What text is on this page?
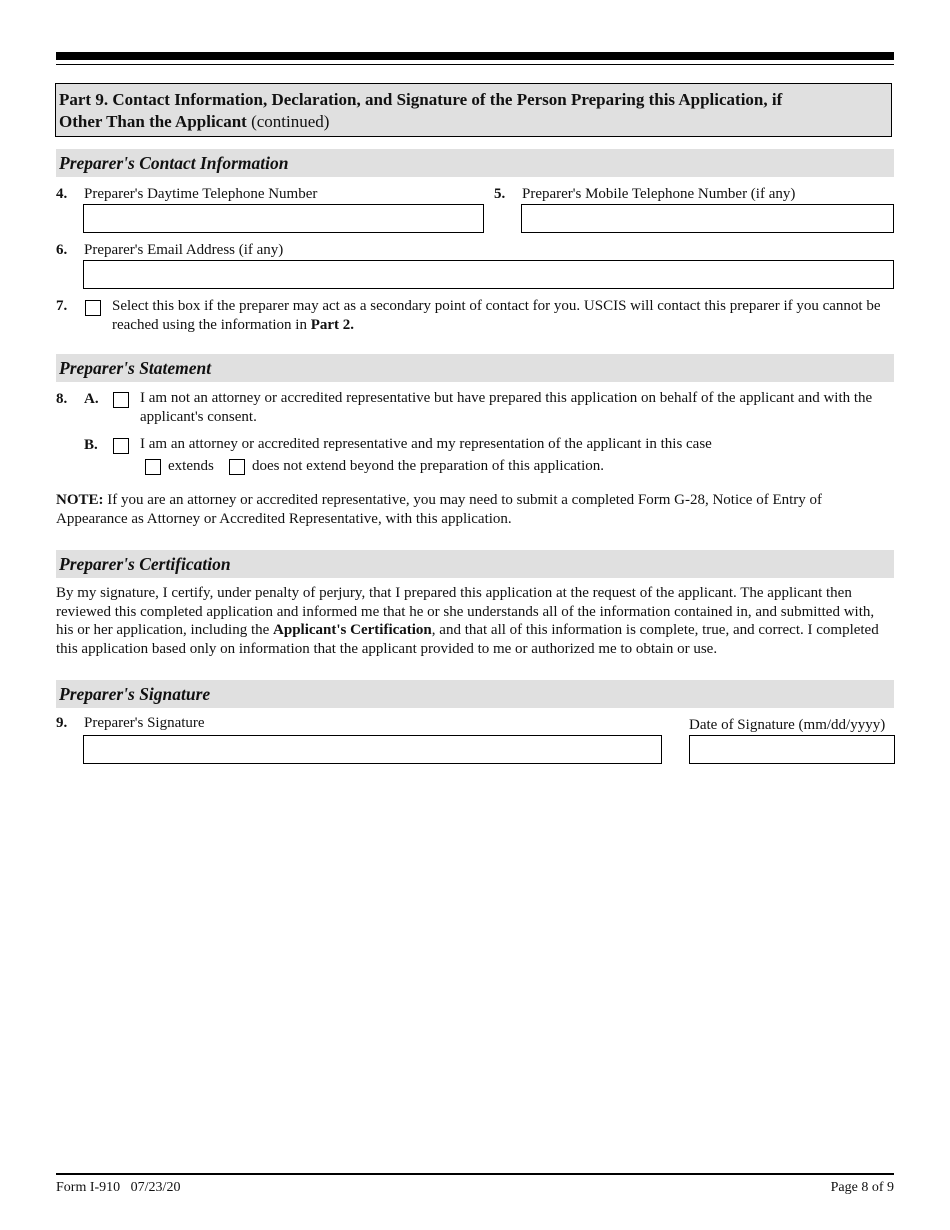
Part 9. Contact Information, Declaration, and Signature of the Person Preparing this Application, if
Other Than the Applicant (continued)
Preparer's Contact Information
4. Preparer's Daytime Telephone Number	5. Preparer's Mobile Telephone Number (if any)
6. Preparer's Email Address (if any)
7.	Select this box if the preparer may act as a secondary point of contact for you. USCIS will contact this preparer if you cannot be reached using the information in Part 2.
Preparer's Statement
8. A.	I am not an attorney or accredited representative but have prepared this application on behalf of the applicant and with the applicant's consent.
B.	I am an attorney or accredited representative and my representation of the applicant in this case
extends	does not extend beyond the preparation of this application.
NOTE: If you are an attorney or accredited representative, you may need to submit a completed Form G-28, Notice of Entry of Appearance as Attorney or Accredited Representative, with this application.
Preparer's Certification
By my signature, I certify, under penalty of perjury, that I prepared this application at the request of the applicant. The applicant then reviewed this completed application and informed me that he or she understands all of the information contained in, and submitted with, his or her application, including the Applicant's Certification, and that all of this information is complete, true, and correct. I completed this application based only on information that the applicant provided to me or authorized me to obtain or use.
Preparer's Signature
9. Preparer's Signature	Date of Signature (mm/dd/yyyy)
Form I-910   07/23/20	Page 8 of 9
